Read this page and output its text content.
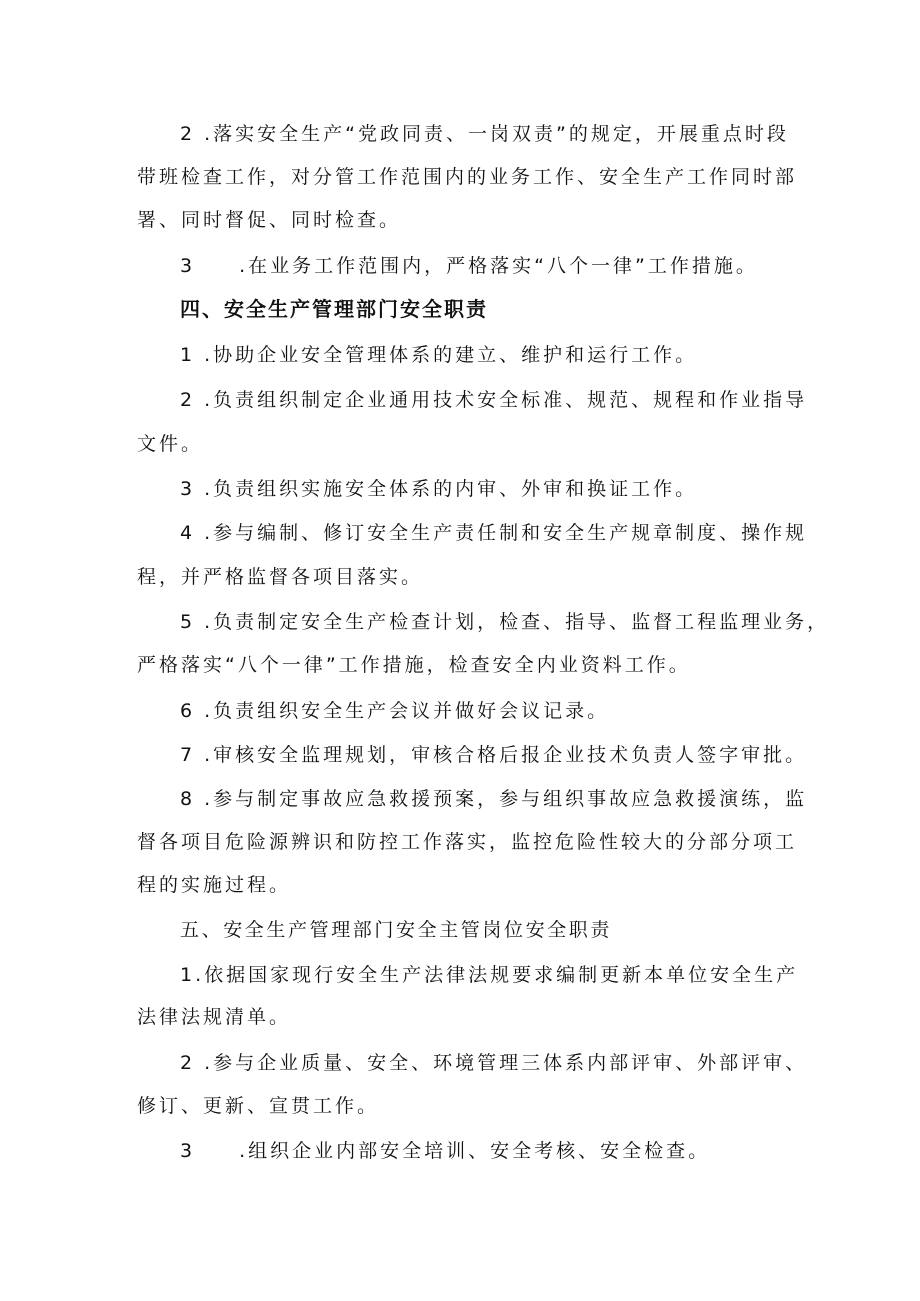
2 .落实安全生产“党政同责、一岗双责”的规定，开展重点时段
带班检查工作，对分管工作范围内的业务工作、安全生产工作同时部
署、同时督促、同时检查。
3　　.在业务工作范围内，严格落实“八个一律”工作措施。
四、安全生产管理部门安全职责
1 .协助企业安全管理体系的建立、维护和运行工作。
2 .负责组织制定企业通用技术安全标准、规范、规程和作业指导
文件。
3 .负责组织实施安全体系的内审、外审和换证工作。
4 .参与编制、修订安全生产责任制和安全生产规章制度、操作规
程，并严格监督各项目落实。
5 .负责制定安全生产检查计划，检查、指导、监督工程监理业务，
严格落实“八个一律”工作措施，检查安全内业资料工作。
6 .负责组织安全生产会议并做好会议记录。
7 .审核安全监理规划，审核合格后报企业技术负责人签字审批。
8 .参与制定事故应急救援预案，参与组织事故应急救援演练，监
督各项目危险源辨识和防控工作落实，监控危险性较大的分部分项工
程的实施过程。
五、安全生产管理部门安全主管岗位安全职责
1.依据国家现行安全生产法律法规要求编制更新本单位安全生产
法律法规清单。
2 .参与企业质量、安全、环境管理三体系内部评审、外部评审、
修订、更新、宣贯工作。
3　　.组织企业内部安全培训、安全考核、安全检查。
